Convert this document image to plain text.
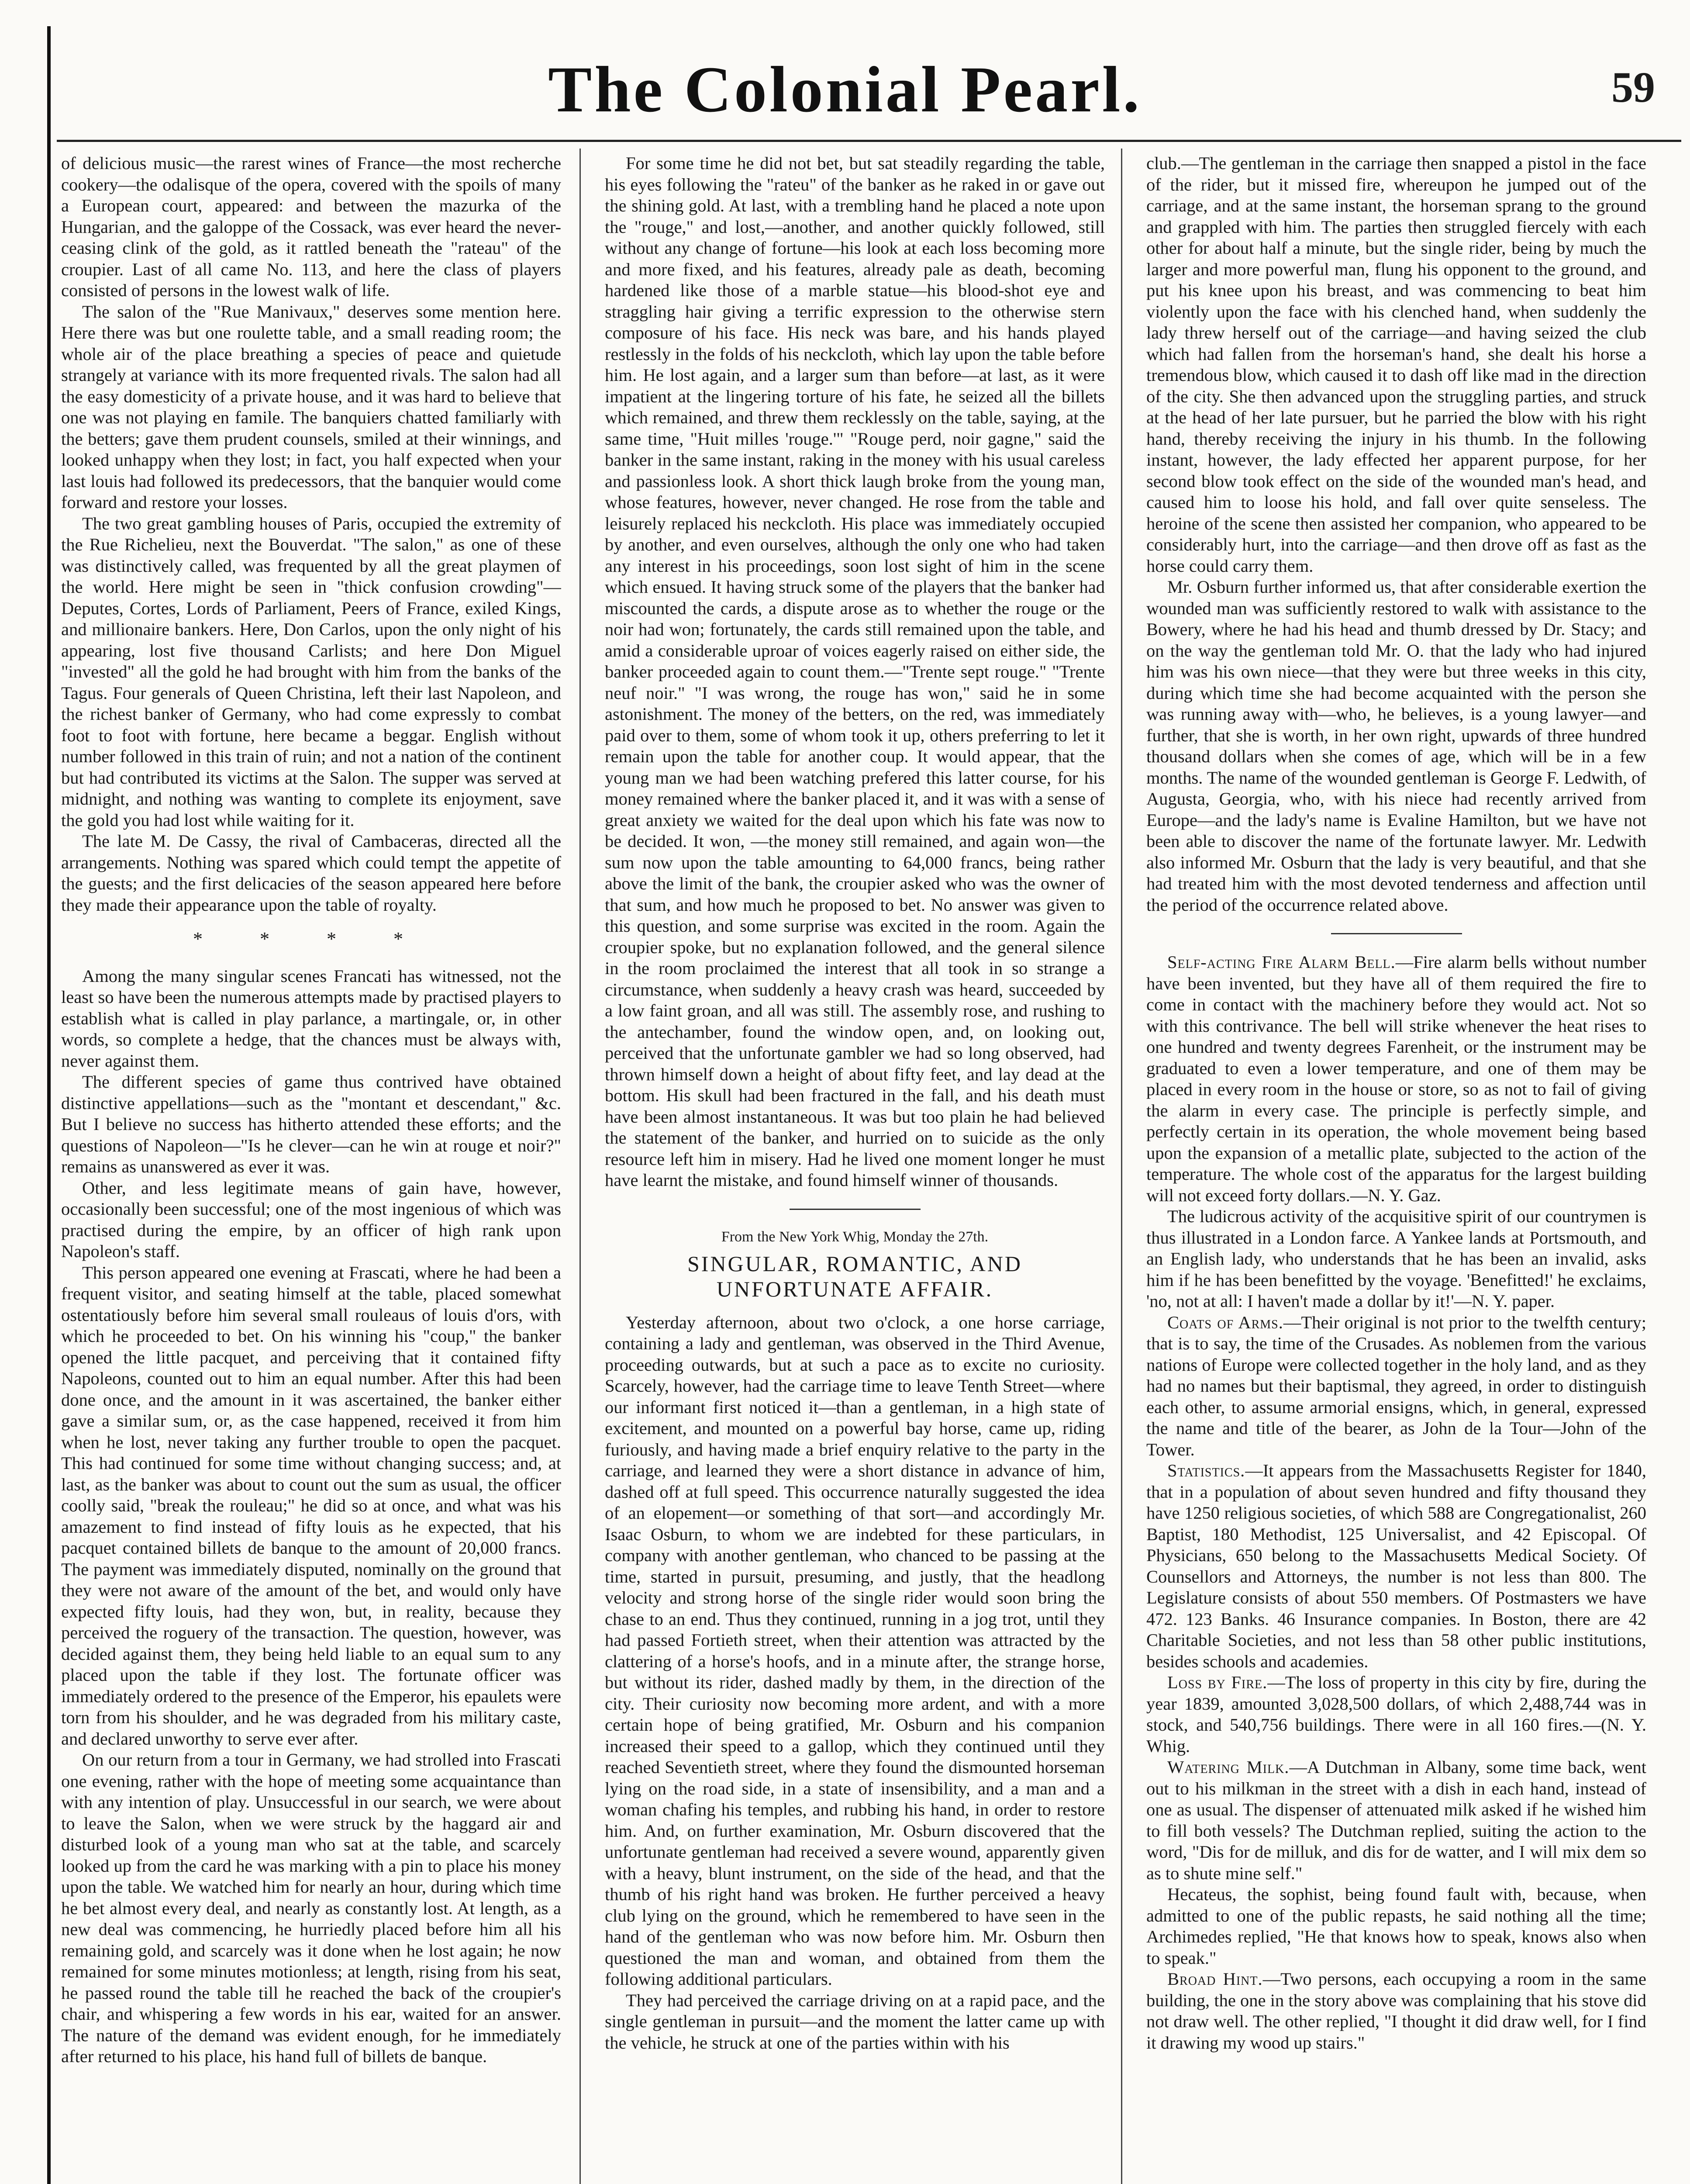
The Colonial Pearl.	59

of delicious music—the rarest wines of France—the most recherche cookery—the odalisque of the opera, covered with the spoils of many a European court, appeared: and between the mazurka of the Hungarian, and the galoppe of the Cossack, was ever heard the never-ceasing clink of the gold, as it rattled beneath the "rateau" of the croupier. Last of all came No. 113, and here the class of players consisted of persons in the lowest walk of life.

The salon of the "Rue Manivaux," deserves some mention here. Here there was but one roulette table, and a small reading room; the whole air of the place breathing a species of peace and quietude strangely at variance with its more frequented rivals. The salon had all the easy domesticity of a private house, and it was hard to believe that one was not playing en famile. The banquiers chatted familiarly with the betters; gave them prudent counsels, smiled at their winnings, and looked unhappy when they lost; in fact, you half expected when your last louis had followed its predecessors, that the banquier would come forward and restore your losses.

The two great gambling houses of Paris, occupied the extremity of the Rue Richelieu, next the Bouverdat. "The salon," as one of these was distinctively called, was frequented by all the great playmen of the world. Here might be seen in "thick confusion crowding"—Deputes, Cortes, Lords of Parliament, Peers of France, exiled Kings, and millionaire bankers. Here, Don Carlos, upon the only night of his appearing, lost five thousand Carlists; and here Don Miguel "invested" all the gold he had brought with him from the banks of the Tagus. Four generals of Queen Christina, left their last Napoleon, and the richest banker of Germany, who had come expressly to combat foot to foot with fortune, here became a beggar. English without number followed in this train of ruin; and not a nation of the continent but had contributed its victims at the Salon. The supper was served at midnight, and nothing was wanting to complete its enjoyment, save the gold you had lost while waiting for it.

The late M. De Cassy, the rival of Cambaceras, directed all the arrangements. Nothing was spared which could tempt the appetite of the guests; and the first delicacies of the season appeared here before they made their appearance upon the table of royalty.

* * * *

Among the many singular scenes Francati has witnessed, not the least so have been the numerous attempts made by practised players to establish what is called in play parlance, a martingale, or, in other words, so complete a hedge, that the chances must be always with, never against them.

The different species of game thus contrived have obtained distinctive appellations—such as the "montant et descendant," &c. But I believe no success has hitherto attended these efforts; and the questions of Napoleon—"Is he clever—can he win at rouge et noir?" remains as unanswered as ever it was.

Other, and less legitimate means of gain have, however, occasionally been successful; one of the most ingenious of which was practised during the empire, by an officer of high rank upon Napoleon's staff.

This person appeared one evening at Frascati, where he had been a frequent visitor, and seating himself at the table, placed somewhat ostentatiously before him several small rouleaus of louis d'ors, with which he proceeded to bet. On his winning his "coup," the banker opened the little pacquet, and perceiving that it contained fifty Napoleons, counted out to him an equal number. After this had been done once, and the amount in it was ascertained, the banker either gave a similar sum, or, as the case happened, received it from him when he lost, never taking any further trouble to open the pacquet. This had continued for some time without changing success; and, at last, as the banker was about to count out the sum as usual, the officer coolly said, "break the rouleau;" he did so at once, and what was his amazement to find instead of fifty louis as he expected, that his pacquet contained billets de banque to the amount of 20,000 francs. The payment was immediately disputed, nominally on the ground that they were not aware of the amount of the bet, and would only have expected fifty louis, had they won, but, in reality, because they perceived the roguery of the transaction. The question, however, was decided against them, they being held liable to an equal sum to any placed upon the table if they lost. The fortunate officer was immediately ordered to the presence of the Emperor, his epaulets were torn from his shoulder, and he was degraded from his military caste, and declared unworthy to serve ever after.

On our return from a tour in Germany, we had strolled into Frascati one evening, rather with the hope of meeting some acquaintance than with any intention of play. Unsuccessful in our search, we were about to leave the Salon, when we were struck by the haggard air and disturbed look of a young man who sat at the table, and scarcely looked up from the card he was marking with a pin to place his money upon the table. We watched him for nearly an hour, during which time he bet almost every deal, and nearly as constantly lost. At length, as a new deal was commencing, he hurriedly placed before him all his remaining gold, and scarcely was it done when he lost again; he now remained for some minutes motionless; at length, rising from his seat, he passed round the table till he reached the back of the croupier's chair, and whispering a few words in his ear, waited for an answer. The nature of the demand was evident enough, for he immediately after returned to his place, his hand full of billets de banque.

For some time he did not bet, but sat steadily regarding the table, his eyes following the "rateu" of the banker as he raked in or gave out the shining gold. At last, with a trembling hand he placed a note upon the "rouge," and lost,—another, and another quickly followed, still without any change of fortune—his look at each loss becoming more and more fixed, and his features, already pale as death, becoming hardened like those of a marble statue—his blood-shot eye and straggling hair giving a terrific expression to the otherwise stern composure of his face. His neck was bare, and his hands played restlessly in the folds of his neckcloth, which lay upon the table before him. He lost again, and a larger sum than before—at last, as it were impatient at the lingering torture of his fate, he seized all the billets which remained, and threw them recklessly on the table, saying, at the same time, "Huit milles 'rouge.'" "Rouge perd, noir gagne," said the banker in the same instant, raking in the money with his usual careless and passionless look. A short thick laugh broke from the young man, whose features, however, never changed. He rose from the table and leisurely replaced his neckcloth. His place was immediately occupied by another, and even ourselves, although the only one who had taken any interest in his proceedings, soon lost sight of him in the scene which ensued. It having struck some of the players that the banker had miscounted the cards, a dispute arose as to whether the rouge or the noir had won; fortunately, the cards still remained upon the table, and amid a considerable uproar of voices eagerly raised on either side, the banker proceeded again to count them.—"Trente sept rouge." "Trente neuf noir." "I was wrong, the rouge has won," said he in some astonishment. The money of the betters, on the red, was immediately paid over to them, some of whom took it up, others preferring to let it remain upon the table for another coup. It would appear, that the young man we had been watching prefered this latter course, for his money remained where the banker placed it, and it was with a sense of great anxiety we waited for the deal upon which his fate was now to be decided. It won, —the money still remained, and again won—the sum now upon the table amounting to 64,000 francs, being rather above the limit of the bank, the croupier asked who was the owner of that sum, and how much he proposed to bet. No answer was given to this question, and some surprise was excited in the room. Again the croupier spoke, but no explanation followed, and the general silence in the room proclaimed the interest that all took in so strange a circumstance, when suddenly a heavy crash was heard, succeeded by a low faint groan, and all was still. The assembly rose, and rushing to the antechamber, found the window open, and, on looking out, perceived that the unfortunate gambler we had so long observed, had thrown himself down a height of about fifty feet, and lay dead at the bottom. His skull had been fractured in the fall, and his death must have been almost instantaneous. It was but too plain he had believed the statement of the banker, and hurried on to suicide as the only resource left him in misery. Had he lived one moment longer he must have learnt the mistake, and found himself winner of thousands.

From the New York Whig, Monday the 27th.
SINGULAR, ROMANTIC, AND UNFORTUNATE AFFAIR.

Yesterday afternoon, about two o'clock, a one horse carriage, containing a lady and gentleman, was observed in the Third Avenue, proceeding outwards, but at such a pace as to excite no curiosity. Scarcely, however, had the carriage time to leave Tenth Street—where our informant first noticed it—than a gentleman, in a high state of excitement, and mounted on a powerful bay horse, came up, riding furiously, and having made a brief enquiry relative to the party in the carriage, and learned they were a short distance in advance of him, dashed off at full speed. This occurrence naturally suggested the idea of an elopement—or something of that sort—and accordingly Mr. Isaac Osburn, to whom we are indebted for these particulars, in company with another gentleman, who chanced to be passing at the time, started in pursuit, presuming, and justly, that the headlong velocity and strong horse of the single rider would soon bring the chase to an end. Thus they continued, running in a jog trot, until they had passed Fortieth street, when their attention was attracted by the clattering of a horse's hoofs, and in a minute after, the strange horse, but without its rider, dashed madly by them, in the direction of the city. Their curiosity now becoming more ardent, and with a more certain hope of being gratified, Mr. Osburn and his companion increased their speed to a gallop, which they continued until they reached Seventieth street, where they found the dismounted horseman lying on the road side, in a state of insensibility, and a man and a woman chafing his temples, and rubbing his hand, in order to restore him. And, on further examination, Mr. Osburn discovered that the unfortunate gentleman had received a severe wound, apparently given with a heavy, blunt instrument, on the side of the head, and that the thumb of his right hand was broken. He further perceived a heavy club lying on the ground, which he remembered to have seen in the hand of the gentleman who was now before him. Mr. Osburn then questioned the man and woman, and obtained from them the following additional particulars.

They had perceived the carriage driving on at a rapid pace, and the single gentleman in pursuit—and the moment the latter came up with the vehicle, he struck at one of the parties within with his

club.—The gentleman in the carriage then snapped a pistol in the face of the rider, but it missed fire, whereupon he jumped out of the carriage, and at the same instant, the horseman sprang to the ground and grappled with him. The parties then struggled fiercely with each other for about half a minute, but the single rider, being by much the larger and more powerful man, flung his opponent to the ground, and put his knee upon his breast, and was commencing to beat him violently upon the face with his clenched hand, when suddenly the lady threw herself out of the carriage—and having seized the club which had fallen from the horseman's hand, she dealt his horse a tremendous blow, which caused it to dash off like mad in the direction of the city. She then advanced upon the struggling parties, and struck at the head of her late pursuer, but he parried the blow with his right hand, thereby receiving the injury in his thumb. In the following instant, however, the lady effected her apparent purpose, for her second blow took effect on the side of the wounded man's head, and caused him to loose his hold, and fall over quite senseless. The heroine of the scene then assisted her companion, who appeared to be considerably hurt, into the carriage—and then drove off as fast as the horse could carry them.

Mr. Osburn further informed us, that after considerable exertion the wounded man was sufficiently restored to walk with assistance to the Bowery, where he had his head and thumb dressed by Dr. Stacy; and on the way the gentleman told Mr. O. that the lady who had injured him was his own niece—that they were but three weeks in this city, during which time she had become acquainted with the person she was running away with—who, he believes, is a young lawyer—and further, that she is worth, in her own right, upwards of three hundred thousand dollars when she comes of age, which will be in a few months. The name of the wounded gentleman is George F. Ledwith, of Augusta, Georgia, who, with his niece had recently arrived from Europe—and the lady's name is Evaline Hamilton, but we have not been able to discover the name of the fortunate lawyer. Mr. Ledwith also informed Mr. Osburn that the lady is very beautiful, and that she had treated him with the most devoted tenderness and affection until the period of the occurrence related above.

Self-acting Fire Alarm Bell.—Fire alarm bells without number have been invented, but they have all of them required the fire to come in contact with the machinery before they would act. Not so with this contrivance. The bell will strike whenever the heat rises to one hundred and twenty degrees Farenheit, or the instrument may be graduated to even a lower temperature, and one of them may be placed in every room in the house or store, so as not to fail of giving the alarm in every case. The principle is perfectly simple, and perfectly certain in its operation, the whole movement being based upon the expansion of a metallic plate, subjected to the action of the temperature. The whole cost of the apparatus for the largest building will not exceed forty dollars.—N. Y. Gaz.

The ludicrous activity of the acquisitive spirit of our countrymen is thus illustrated in a London farce. A Yankee lands at Portsmouth, and an English lady, who understands that he has been an invalid, asks him if he has been benefitted by the voyage. 'Benefitted!' he exclaims, 'no, not at all: I haven't made a dollar by it!'—N. Y. paper.

Coats of Arms.—Their original is not prior to the twelfth century; that is to say, the time of the Crusades. As noblemen from the various nations of Europe were collected together in the holy land, and as they had no names but their baptismal, they agreed, in order to distinguish each other, to assume armorial ensigns, which, in general, expressed the name and title of the bearer, as John de la Tour—John of the Tower.

Statistics.—It appears from the Massachusetts Register for 1840, that in a population of about seven hundred and fifty thousand they have 1250 religious societies, of which 588 are Congregationalist, 260 Baptist, 180 Methodist, 125 Universalist, and 42 Episcopal. Of Physicians, 650 belong to the Massachusetts Medical Society. Of Counsellors and Attorneys, the number is not less than 800. The Legislature consists of about 550 members. Of Postmasters we have 472. 123 Banks. 46 Insurance companies. In Boston, there are 42 Charitable Societies, and not less than 58 other public institutions, besides schools and academies.

Loss by Fire.—The loss of property in this city by fire, during the year 1839, amounted 3,028,500 dollars, of which 2,488,744 was in stock, and 540,756 buildings. There were in all 160 fires.—(N. Y. Whig.

Watering Milk.—A Dutchman in Albany, some time back, went out to his milkman in the street with a dish in each hand, instead of one as usual. The dispenser of attenuated milk asked if he wished him to fill both vessels? The Dutchman replied, suiting the action to the word, "Dis for de milluk, and dis for de watter, and I will mix dem so as to shute mine self."

Hecateus, the sophist, being found fault with, because, when admitted to one of the public repasts, he said nothing all the time; Archimedes replied, "He that knows how to speak, knows also when to speak."

Broad Hint.—Two persons, each occupying a room in the same building, the one in the story above was complaining that his stove did not draw well. The other replied, "I thought it did draw well, for I find it drawing my wood up stairs."
